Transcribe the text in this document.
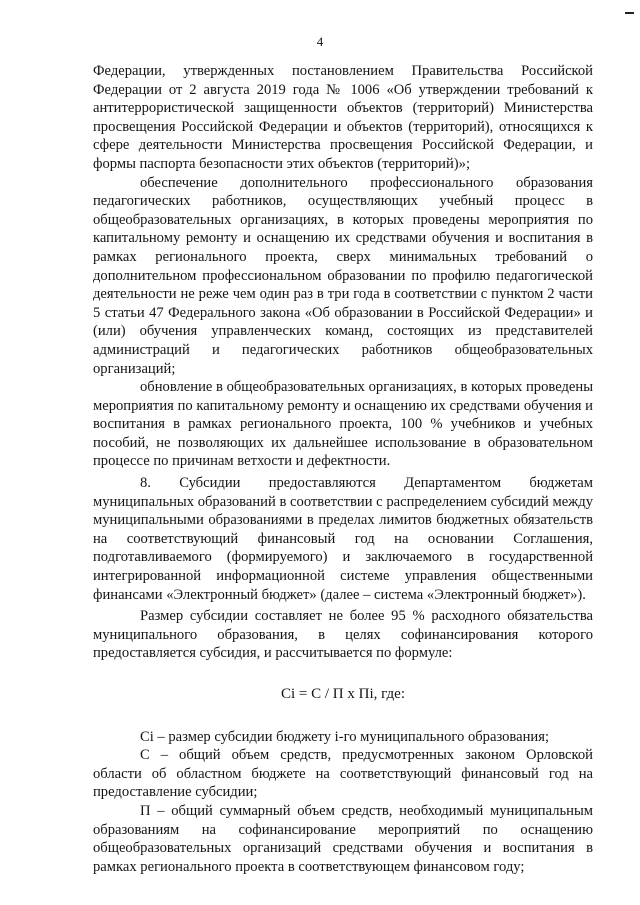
4

Федерации, утвержденных постановлением Правительства Российской Федерации от 2 августа 2019 года № 1006 «Об утверждении требований к антитеррористической защищенности объектов (территорий) Министерства просвещения Российской Федерации и объектов (территорий), относящихся к сфере деятельности Министерства просвещения Российской Федерации, и формы паспорта безопасности этих объектов (территорий)»;

обеспечение дополнительного профессионального образования педагогических работников, осуществляющих учебный процесс в общеобразовательных организациях, в которых проведены мероприятия по капитальному ремонту и оснащению их средствами обучения и воспитания в рамках регионального проекта, сверх минимальных требований о дополнительном профессиональном образовании по профилю педагогической деятельности не реже чем один раз в три года в соответствии с пунктом 2 части 5 статьи 47 Федерального закона «Об образовании в Российской Федерации» и (или) обучения управленческих команд, состоящих из представителей администраций и педагогических работников общеобразовательных организаций;

обновление в общеобразовательных организациях, в которых проведены мероприятия по капитальному ремонту и оснащению их средствами обучения и воспитания в рамках регионального проекта, 100 % учебников и учебных пособий, не позволяющих их дальнейшее использование в образовательном процессе по причинам ветхости и дефектности.

8. Субсидии предоставляются Департаментом бюджетам муниципальных образований в соответствии с распределением субсидий между муниципальными образованиями в пределах лимитов бюджетных обязательств на соответствующий финансовый год на основании Соглашения, подготавливаемого (формируемого) и заключаемого в государственной интегрированной информационной системе управления общественными финансами «Электронный бюджет» (далее – система «Электронный бюджет»).

Размер субсидии составляет не более 95 % расходного обязательства муниципального образования, в целях софинансирования которого предоставляется субсидия, и рассчитывается по формуле:

Ci = С / П х Пi, где:

Ci – размер субсидии бюджету i-го муниципального образования;

С – общий объем средств, предусмотренных законом Орловской области об областном бюджете на соответствующий финансовый год на предоставление субсидии;

П – общий суммарный объем средств, необходимый муниципальным образованиям на софинансирование мероприятий по оснащению общеобразовательных организаций средствами обучения и воспитания в рамках регионального проекта в соответствующем финансовом году;
